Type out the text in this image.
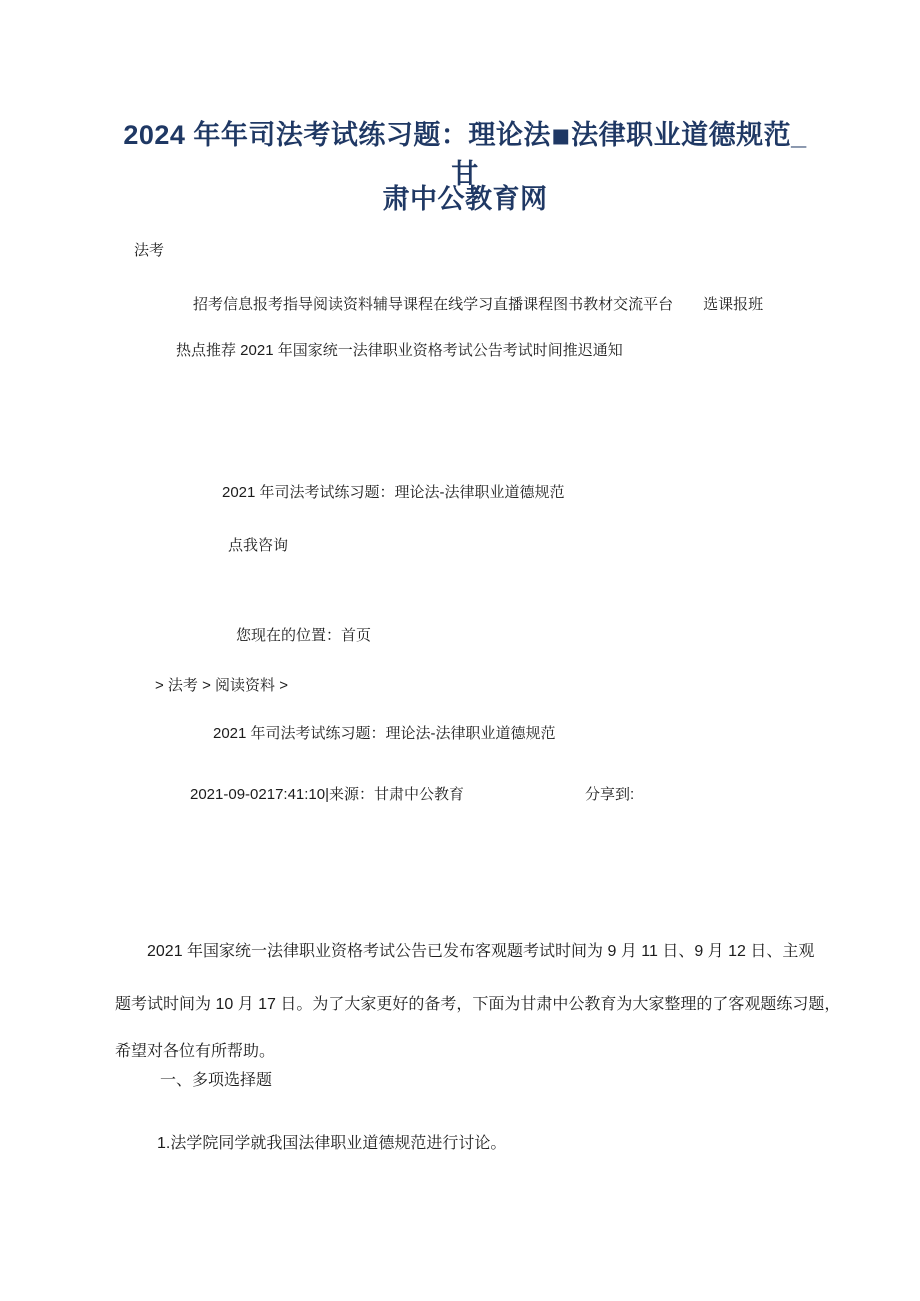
2024 年年司法考试练习题：理论法◾法律职业道德规范_甘
肃中公教育网
法考
招考信息 报考指导 阅读资料 辅导课程 在线学习 直播课程 图书教材 交流平台 选课报班
热点推荐 2021 年国家统一法律职业资格考试公告考试时间推迟通知
2021 年司法考试练习题：理论法-法律职业道德规范
点我咨询
您现在的位置：首页
> 法考 > 阅读资料 >
2021 年司法考试练习题：理论法-法律职业道德规范
2021-09-0217:41:10|来源：甘肃中公教育	分享到:
2021 年国家统一法律职业资格考试公告已发布客观题考试时间为 9 月 11 日、9 月 12 日、主观
题考试时间为 10 月 17 日。为了大家更好的备考，下面为甘肃中公教育为大家整理的了客观题练习题，
希望对各位有所帮助。
一、多项选择题
1.法学院同学就我国法律职业道德规范进行讨论。
